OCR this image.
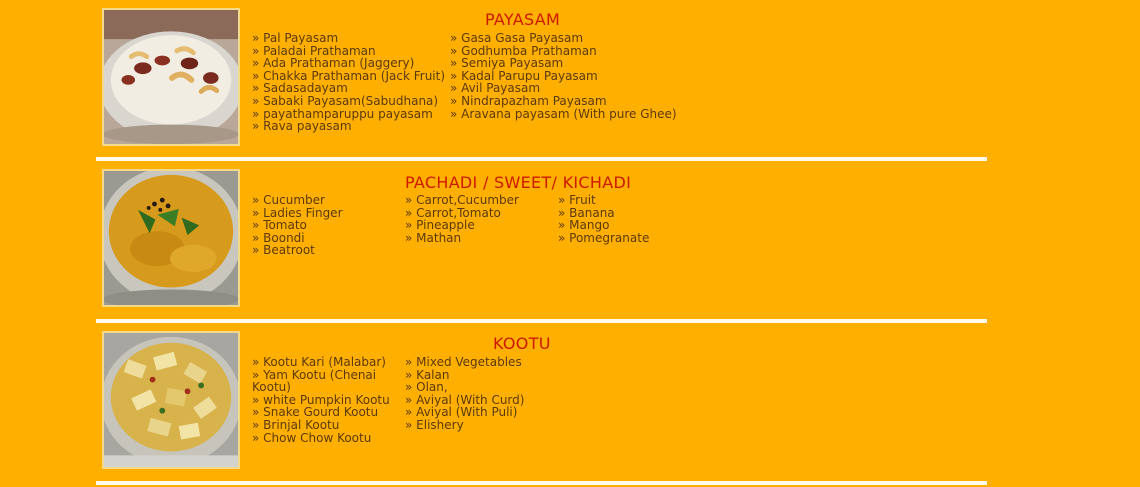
PAYASAM
» Pal Payasam
» Paladai Prathaman
» Ada Prathaman (Jaggery)
» Chakka Prathaman (Jack Fruit)
» Sadasadayam
» Sabaki Payasam(Sabudhana)
» payathamparuppu payasam
» Rava payasam
» Gasa Gasa Payasam
» Godhumba Prathaman
» Semiya Payasam
» Kadal Parupu Payasam
» Avil Payasam
» Nindrapazham Payasam
» Aravana payasam (With pure Ghee)
PACHADI / SWEET/ KICHADI
» Cucumber
» Ladies Finger
» Tomato
» Boondi
» Beatroot
» Carrot,Cucumber
» Carrot,Tomato
» Pineapple
» Mathan
» Fruit
» Banana
» Mango
» Pomegranate
KOOTU
» Kootu Kari (Malabar)
» Yam Kootu (Chenai Kootu)
» white Pumpkin Kootu
» Snake Gourd Kootu
» Brinjal Kootu
» Chow Chow Kootu
» Mixed Vegetables
» Kalan
» Olan,
» Aviyal (With Curd)
» Aviyal (With Puli)
» Elishery
